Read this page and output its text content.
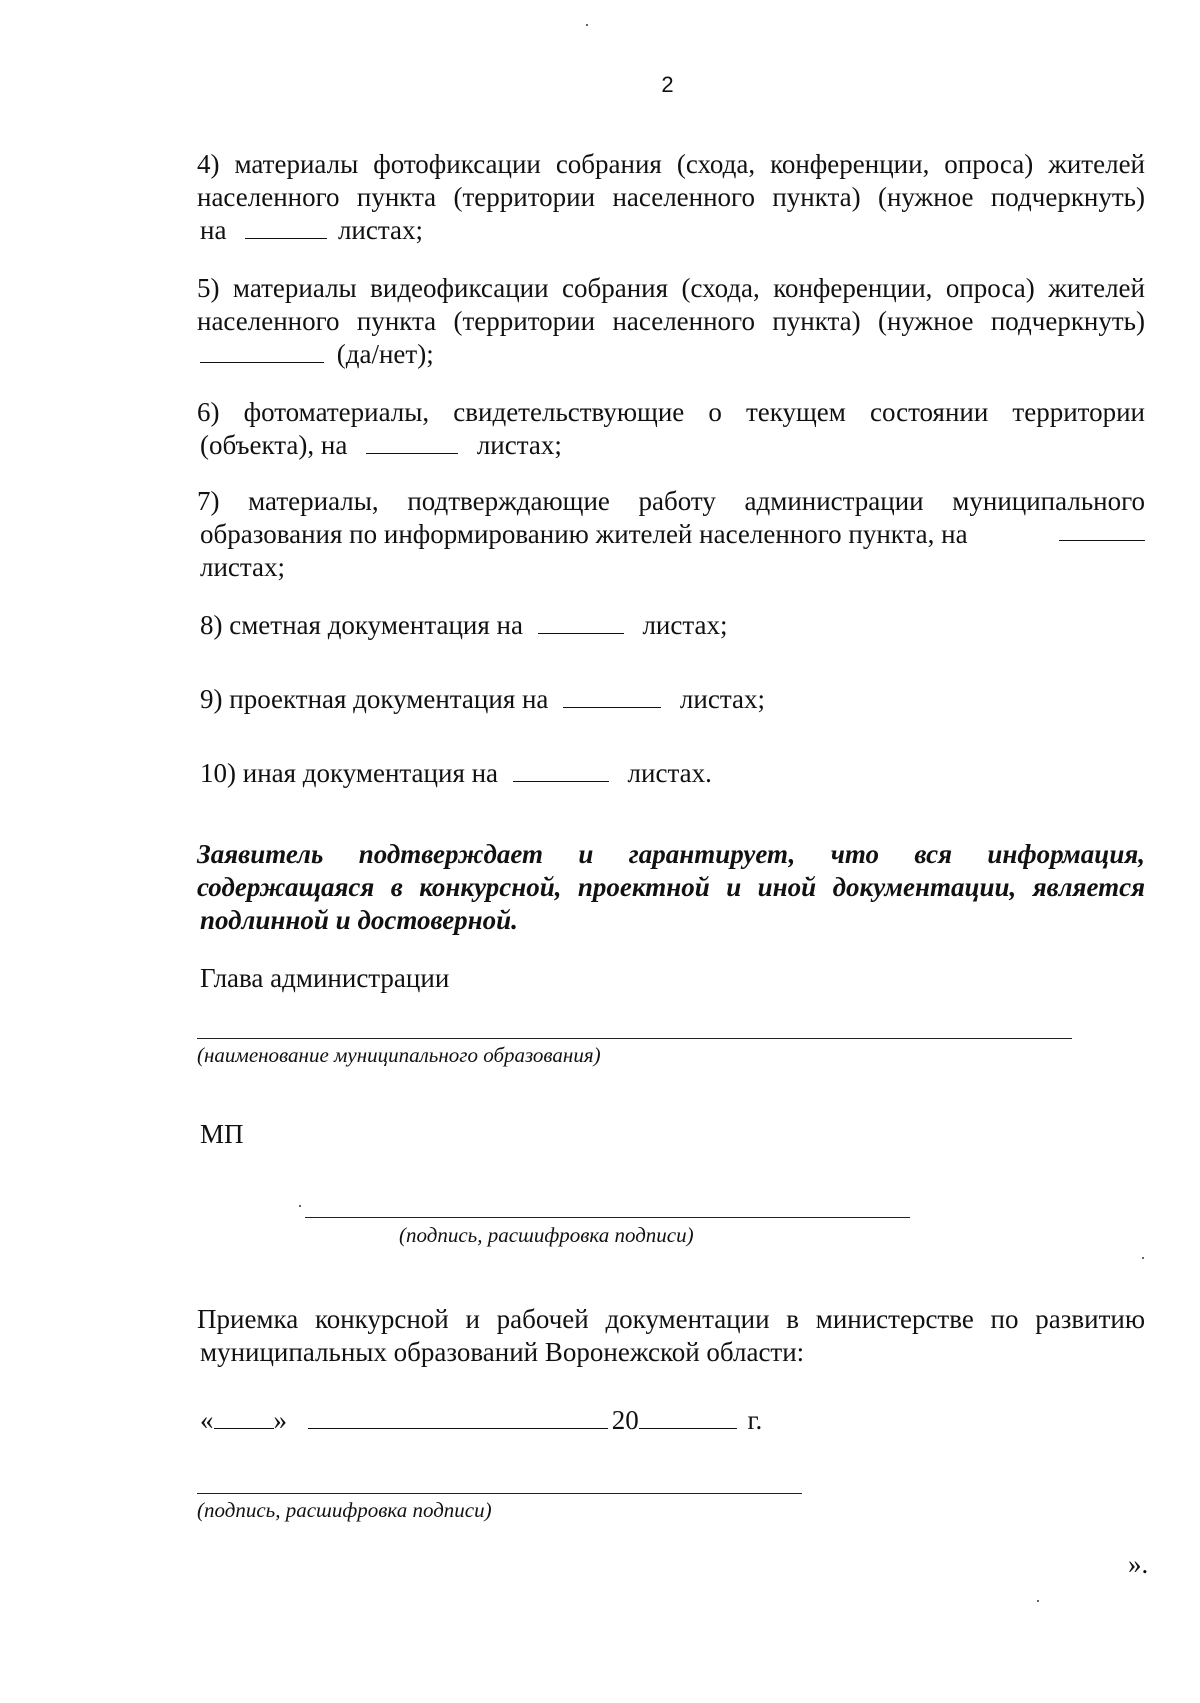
2
4) материалы фотофиксации собрания (схода, конференции, опроса) жителей
населенного пункта (территории населенного пункта) (нужное подчеркнуть)
на	листах;
5) материалы видеофиксации собрания (схода, конференции, опроса) жителей
населенного пункта (территории населенного пункта) (нужное подчеркнуть)
(да/нет);
6) фотоматериалы, свидетельствующие о текущем состоянии территории
(объекта), на	листах;
7) материалы, подтверждающие работу администрации муниципального
образования по информированию жителей населенного пункта, на
листах;
8) сметная документация на	листах;
9) проектная документация на	листах;
10) иная документация на	листах.
Заявитель подтверждает и гарантирует, что вся информация,
содержащаяся в конкурсной, проектной и иной документации, является
подлинной и достоверной.
Глава администрации
(наименование муниципального образования)
МП
(подпись, расшифровка подписи)
Приемка конкурсной и рабочей документации в министерстве по развитию
муниципальных образований Воронежской области:
« »	20	г.
(подпись, расшифровка подписи)
».
